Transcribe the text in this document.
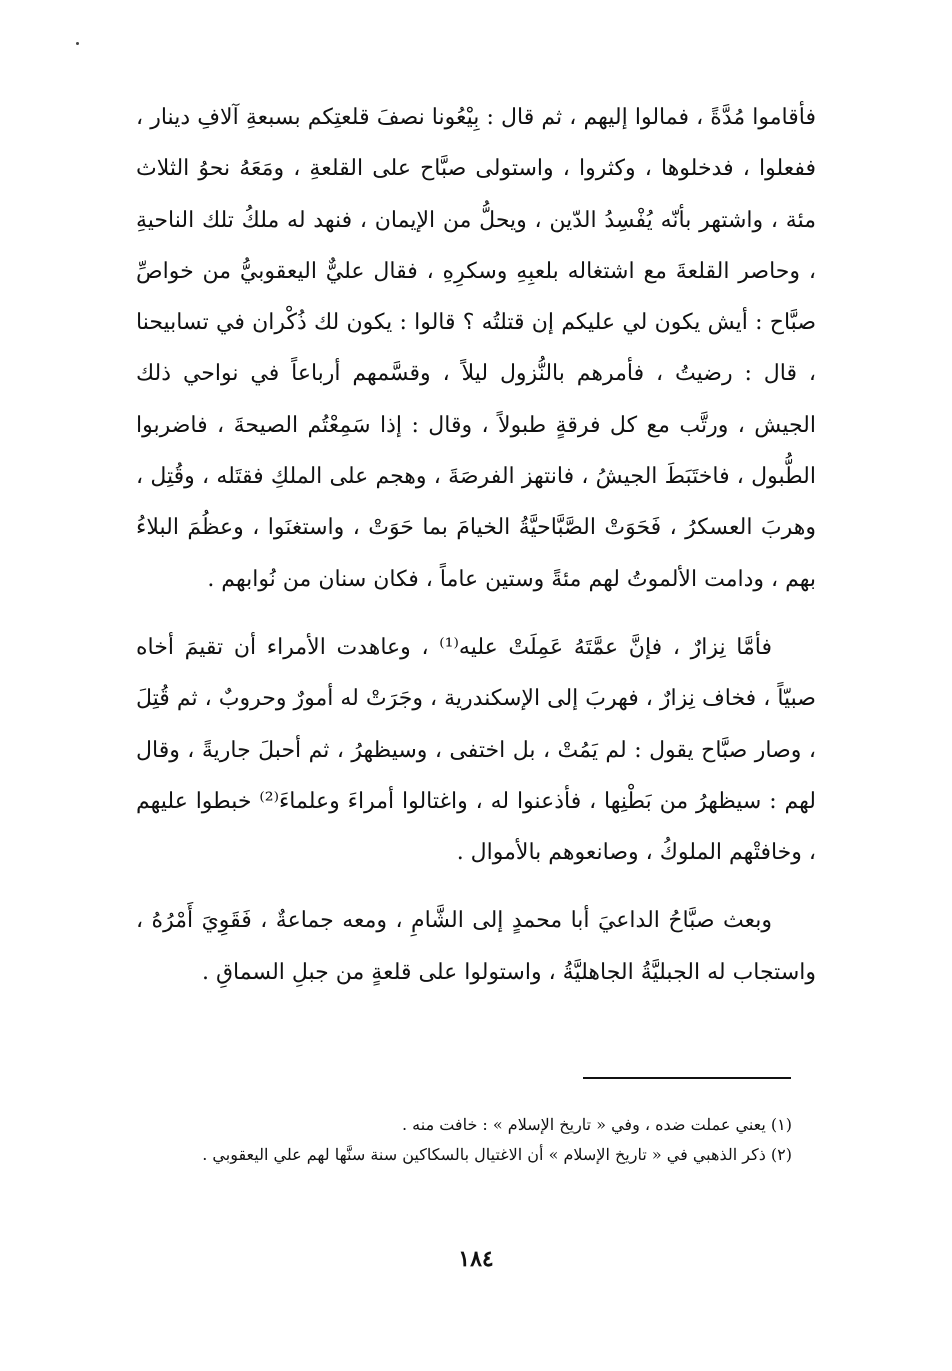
فأقاموا مُدَّةً ، فمالوا إليهم ، ثم قال : بِيْعُونا نصفَ قلعتِكم بسبعةِ آلافِ دينار ، ففعلوا ، فدخلوها ، وكثروا ، واستولى صبَّاح على القلعةِ ، ومَعَهُ نحوُ الثلاث مئة ، واشتهر بأنّه يُفْسِدُ الدّين ، ويحلُّ من الإيمان ، فنهد له ملكُ تلك الناحيةِ ، وحاصر القلعةَ مع اشتغاله بلعبِهِ وسكرِهِ ، فقال عليٌّ اليعقوبيُّ من خواصِّ صبَّاح : أيش يكون لي عليكم إن قتلتُه ؟ قالوا : يكون لك ذُكْران في تسابيحنا ، قال : رضيتُ ، فأمرهم بالنُّزول ليلاً ، وقسَّمهم أرباعاً في نواحي ذلك الجيش ، ورتَّب مع كل فرقةٍ طبولاً ، وقال : إذا سَمِعْتُم الصيحةَ ، فاضربوا الطُّبول ، فاختَبَطَ الجيشُ ، فانتهز الفرصَةَ ، وهجم على الملكِ فقتَله ، وقُتِل ، وهربَ العسكرُ ، فَحَوَتْ الصَّبَّاحيَّةُ الخيامَ بما حَوَتْ ، واستغنَوا ، وعظُمَ البلاءُ بهم ، ودامت الألموتُ لهم مئةً وستين عاماً ، فكان سنان من نُوابهم .

فأمَّا نِزارٌ ، فإنَّ عمَّتَهُ عَمِلَتْ عليه⁽¹⁾ ، وعاهدت الأمراء أن تقيمَ أخاه صبيّاً ، فخاف نِزارٌ ، فهربَ إلى الإسكندرية ، وجَرَتْ له أمورٌ وحروبٌ ، ثم قُتِلَ ، وصار صبَّاح يقول : لم يَمُتْ ، بل اختفى ، وسيظهرُ ، ثم أحبلَ جاريةً ، وقال لهم : سيظهرُ من بَطْنِها ، فأذعنوا له ، واغتالوا أمراءَ وعلماءَ⁽²⁾ خبطوا عليهم ، وخافتْهم الملوكُ ، وصانعوهم بالأموال .

وبعث صبَّاحُ الداعيَ أبا محمدٍ إلى الشَّامِ ، ومعه جماعةٌ ، فَقَوِيَ أَمْرُهُ ، واستجاب له الجبليَّةُ الجاهليَّةُ ، واستولوا على قلعةٍ من جبلِ السماقِ .

(١) يعني عملت ضده ، وفي « تاريخ الإسلام » : خافت منه .

(٢) ذكر الذهبي في « تاريخ الإسلام » أن الاغتيال بالسكاكين سنة سنَّها لهم علي اليعقوبي .

١٨٤
